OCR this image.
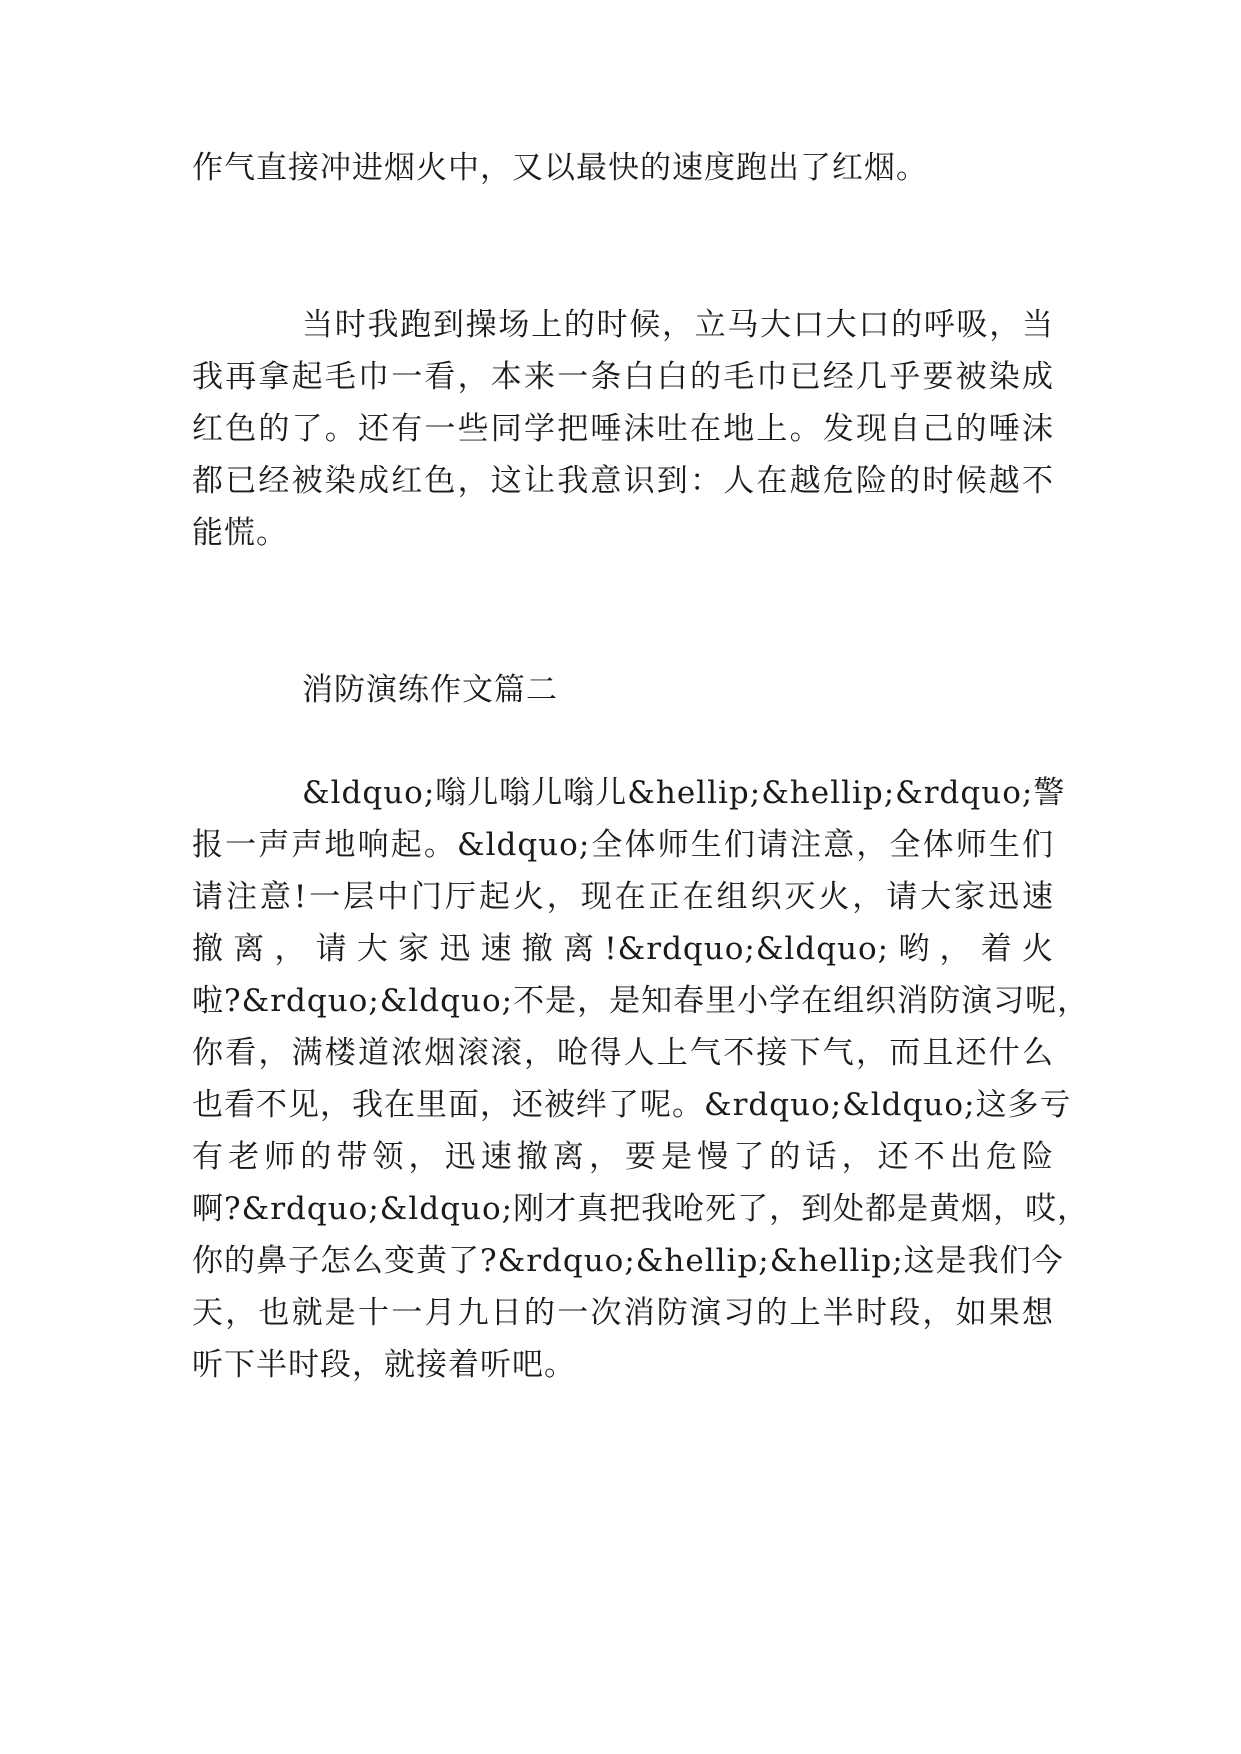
作气直接冲进烟火中，又以最快的速度跑出了红烟。
当时我跑到操场上的时候，立马大口大口的呼吸，当
我再拿起毛巾一看，本来一条白白的毛巾已经几乎要被染成
红色的了。还有一些同学把唾沫吐在地上。发现自己的唾沫
都已经被染成红色，这让我意识到：人在越危险的时候越不
能慌。
消防演练作文篇二
&ldquo;嗡儿嗡儿嗡儿&hellip;&hellip;&rdquo;警
报一声声地响起。&ldquo;全体师生们请注意，全体师生们
请注意!一层中门厅起火，现在正在组织灭火，请大家迅速
撤离，请大家迅速撤离!&rdquo;&ldquo;哟，着火
啦?&rdquo;&ldquo;不是，是知春里小学在组织消防演习呢，
你看，满楼道浓烟滚滚，呛得人上气不接下气，而且还什么
也看不见，我在里面，还被绊了呢。&rdquo;&ldquo;这多亏
有老师的带领，迅速撤离，要是慢了的话，还不出危险
啊?&rdquo;&ldquo;刚才真把我呛死了，到处都是黄烟，哎，
你的鼻子怎么变黄了?&rdquo;&hellip;&hellip;这是我们今
天，也就是十一月九日的一次消防演习的上半时段，如果想
听下半时段，就接着听吧。
